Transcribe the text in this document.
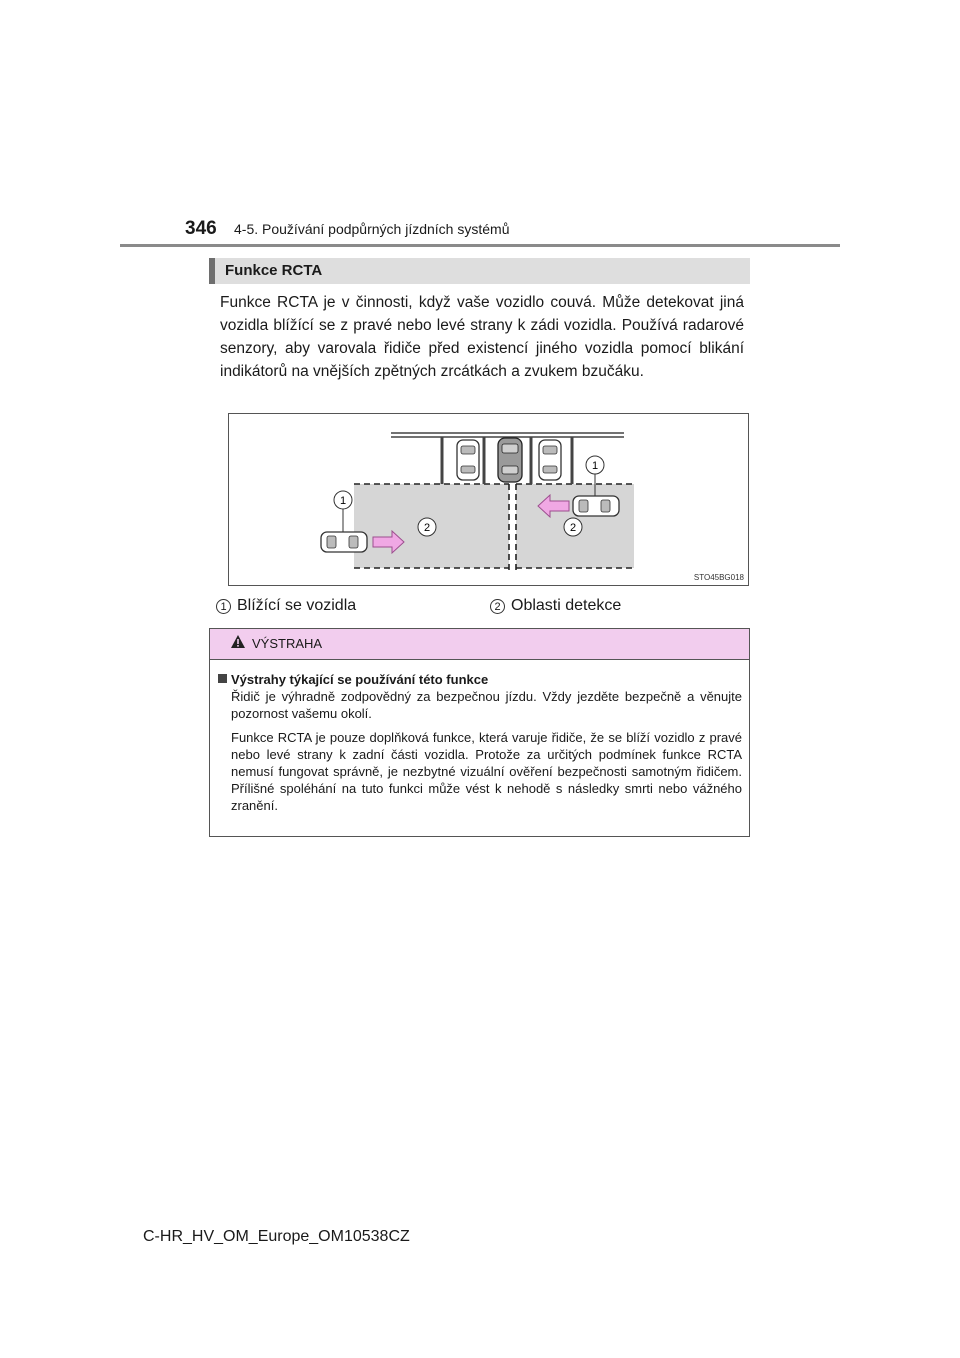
346 4-5. Používání podpůrných jízdních systémů
Funkce RCTA
Funkce RCTA je v činnosti, když vaše vozidlo couvá. Může detekovat jiná vozidla blížící se z pravé nebo levé strany k zádi vozidla. Používá radarové senzory, aby varovala řidiče před existencí jiného vozidla pomocí blikání indikátorů na vnějších zpětných zrcátkách a zvukem bzučáku.
1
1
2	2
STO45BG018
1 Blížící se vozidla	2 Oblasti detekce
VÝSTRAHA
Výstrahy týkající se používání této funkce
Řidič je výhradně zodpovědný za bezpečnou jízdu. Vždy jezděte bezpečně a věnujte pozornost vašemu okolí.
Funkce RCTA je pouze doplňková funkce, která varuje řidiče, že se blíží vozidlo z pravé nebo levé strany k zadní části vozidla. Protože za určitých podmínek funkce RCTA nemusí fungovat správně, je nezbytné vizuální ověření bezpečnosti samotným řidičem. Přílišné spoléhání na tuto funkci může vést k nehodě s následky smrti nebo vážného zranění.
C-HR_HV_OM_Europe_OM10538CZ
